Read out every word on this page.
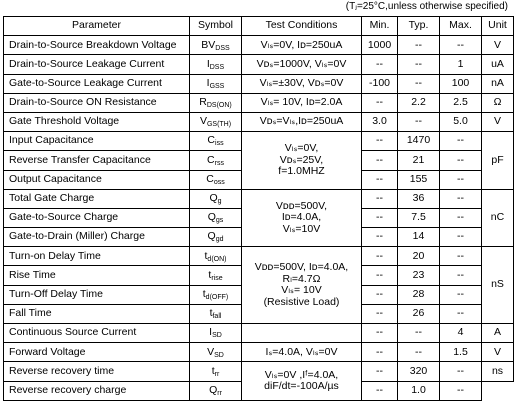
(Tⱼ=25°C,unless otherwise specified)
Parameter	Symbol	Test Conditions	Min.	Typ.	Max.	Unit
Drain-to-Source Breakdown Voltage	$BV_{DSS}$	Vₗₛ=0V, Iᴅ=250uA	1000	--	--	V
Drain-to-Source Leakage Current	$I_{DSS}$	Vᴅₛ=1000V, Vₗₛ=0V	--	--	1	uA
Gate-to-Source Leakage Current	$I_{GSS}$	Vₗₛ=±30V, Vᴅₛ=0V	-100	--	100	nA
Drain-to-Source ON Resistance	$R_{DS(ON)}$	Vₗₛ= 10V, Iᴅ=2.0A	--	2.2	2.5	Ω
Gate Threshold Voltage	$V_{GS(TH)}$	Vᴅₛ=Vₗₛ,Iᴅ=250uA	3.0	--	5.0	V
Input Capacitance	$C_{iss}$	Vₗₛ=0V,
Vᴅₛ=25V,
f=1.0MHZ	--	1470	--	pF
Reverse Transfer Capacitance	$C_{rss}$		--	21	--	
Output Capacitance	$C_{oss}$		--	155	--	
Total Gate Charge	$Q_g$	Vᴅᴅ=500V,
Iᴅ=4.0A,
Vₗₛ=10V	--	36	--	nC
Gate-to-Source Charge	$Q_{gs}$		--	7.5	--	
Gate-to-Drain (Miller) Charge	$Q_{gd}$		--	14	--	
Turn-on Delay Time	$t_{d(ON)}$	Vᴅᴅ=500V, Iᴅ=4.0A,
Rₗ=4.7Ω
Vₗₛ= 10V
(Resistive Load)	--	20	--	nS
Rise Time	$t_{rise}$		--	23	--	
Turn-Off Delay Time	$t_{d(OFF)}$		--	28	--	
Fall Time	$t_{fall}$		--	26	--	
Continuous Source Current	$I_{SD}$		--	--	4	A
Forward Voltage	$V_{SD}$	Iₛ=4.0A, Vₗₛ=0V	--	--	1.5	V
Reverse recovery time	$t_{rr}$	Vₗₛ=0V ,Iᶠ=4.0A,
diF/dt=-100A/µs	--	320	--	ns
Reverse recovery charge	$Q_{rr}$		--	1.0	--	
